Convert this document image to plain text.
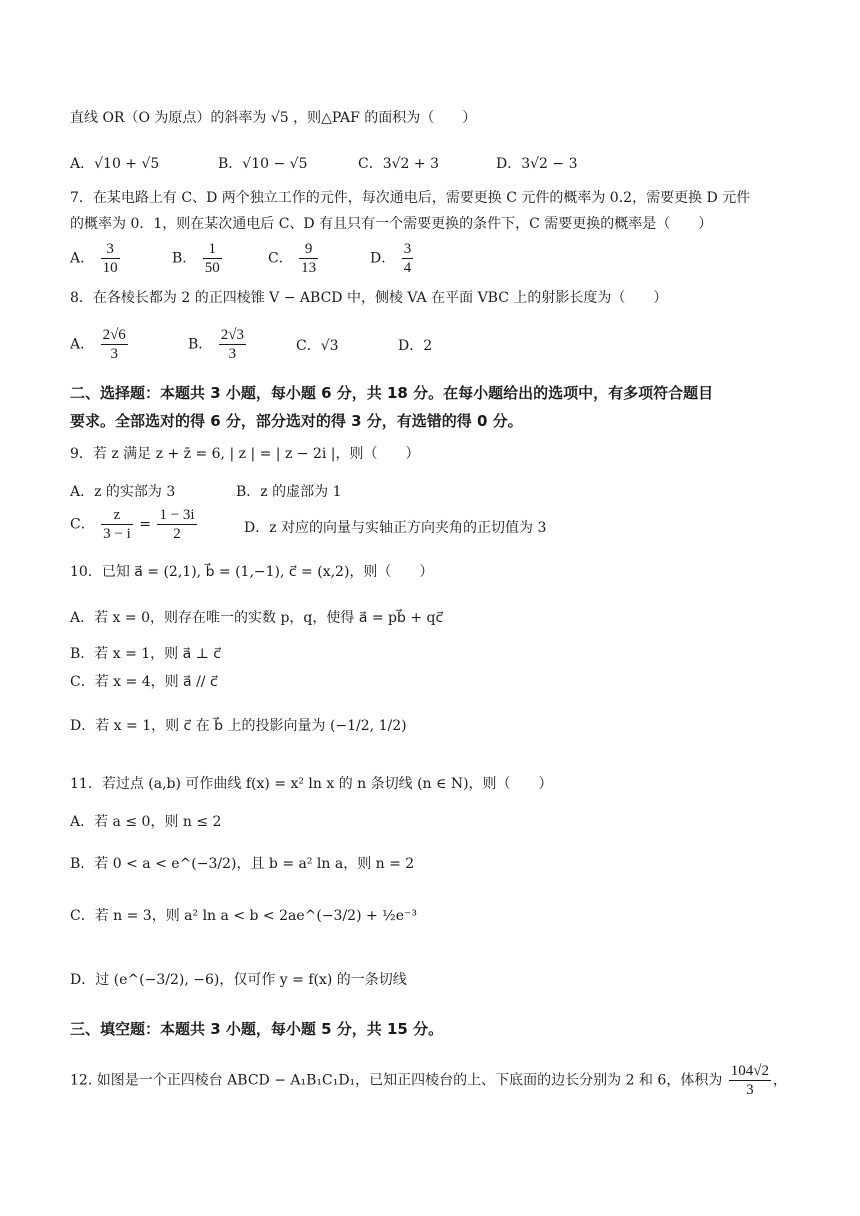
直线 OR（O 为原点）的斜率为 √5 ，则△PAF 的面积为（　　）
A．√10 + √5	B．√10 − √5	C．3√2 + 3	D．3√2 − 3
7．在某电路上有 C、D 两个独立工作的元件，每次通电后，需要更换 C 元件的概率为 0.2，需要更换 D 元件
的概率为 0．1，则在某次通电后 C、D 有且只有一个需要更换的条件下，C 需要更换的概率是（　　）
A． $\frac{3}{10}$	B． $\frac{1}{50}$	C． $\frac{9}{13}$	D． $\frac{3}{4}$
8．在各棱长都为 2 的正四棱锥 V − ABCD 中，侧棱 VA 在平面 VBC 上的射影长度为（　　）
A． $\frac{2√6}{3}$	B． $\frac{2√3}{3}$	C．√3	D．2
二、选择题：本题共 3 小题，每小题 6 分，共 18 分。在每小题给出的选项中，有多项符合题目
要求。全部选对的得 6 分，部分选对的得 3 分，有选错的得 0 分。
9．若 z 满足 z + z̄ = 6, | z | = | z − 2i |，则（　　）
A．z 的实部为 3	B．z 的虚部为 1
C． $\frac{z}{3 - i} = \frac{1 - 3i}{2}$	D．z 对应的向量与实轴正方向夹角的正切值为 3
10．已知 a⃗ = (2,1), b⃗ = (1,−1), c⃗ = (x,2)，则（　　）
A．若 x = 0，则存在唯一的实数 p，q，使得 a⃗ = pb⃗ + qc⃗
B．若 x = 1，则 a⃗ ⊥ c⃗
C．若 x = 4，则 a⃗ // c⃗
D．若 x = 1，则 c⃗ 在 b⃗ 上的投影向量为 (−1/2, 1/2)
11．若过点 (a,b) 可作曲线 f(x) = x² ln x 的 n 条切线 (n ∈ N)，则（　　）
A．若 a ≤ 0，则 n ≤ 2
B．若 0 < a < e^(−3/2)，且 b = a² ln a，则 n = 2
C．若 n = 3，则 a² ln a < b < 2ae^(−3/2) + ½e⁻³
D．过 (e^(−3/2), −6)，仅可作 y = f(x) 的一条切线
三、填空题：本题共 3 小题，每小题 5 分，共 15 分。
12. 如图是一个正四棱台 ABCD − A₁B₁C₁D₁，已知正四棱台的上、下底面的边长分别为 2 和 6，体积为 $\frac{104√2}{3}$ ，
